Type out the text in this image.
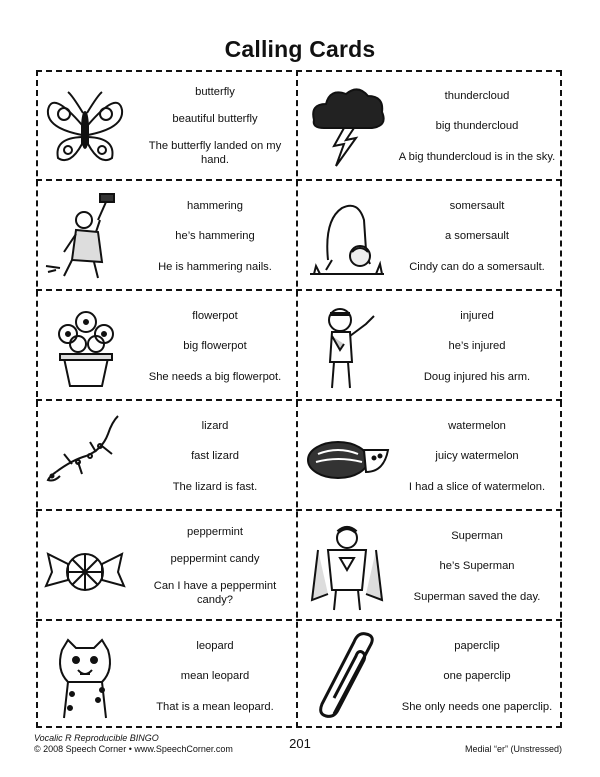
Calling Cards
butterfly
beautiful butterfly
The butterfly landed on my hand.
thundercloud
big thundercloud
A big thundercloud is in the sky.
hammering
he’s hammering
He is hammering nails.
somersault
a somersault
Cindy can do a somersault.
flowerpot
big flowerpot
She needs a big flowerpot.
injured
he’s injured
Doug injured his arm.
lizard
fast lizard
The lizard is fast.
watermelon
juicy watermelon
I had a slice of watermelon.
peppermint
peppermint candy
Can I have a peppermint candy?
Superman
he’s Superman
Superman saved the day.
leopard
mean leopard
That is a mean leopard.
paperclip
one paperclip
She only needs one paperclip.
Vocalic R Reproducible BINGO
© 2008 Speech Corner • www.SpeechCorner.com	201	Medial “er” (Unstressed)
